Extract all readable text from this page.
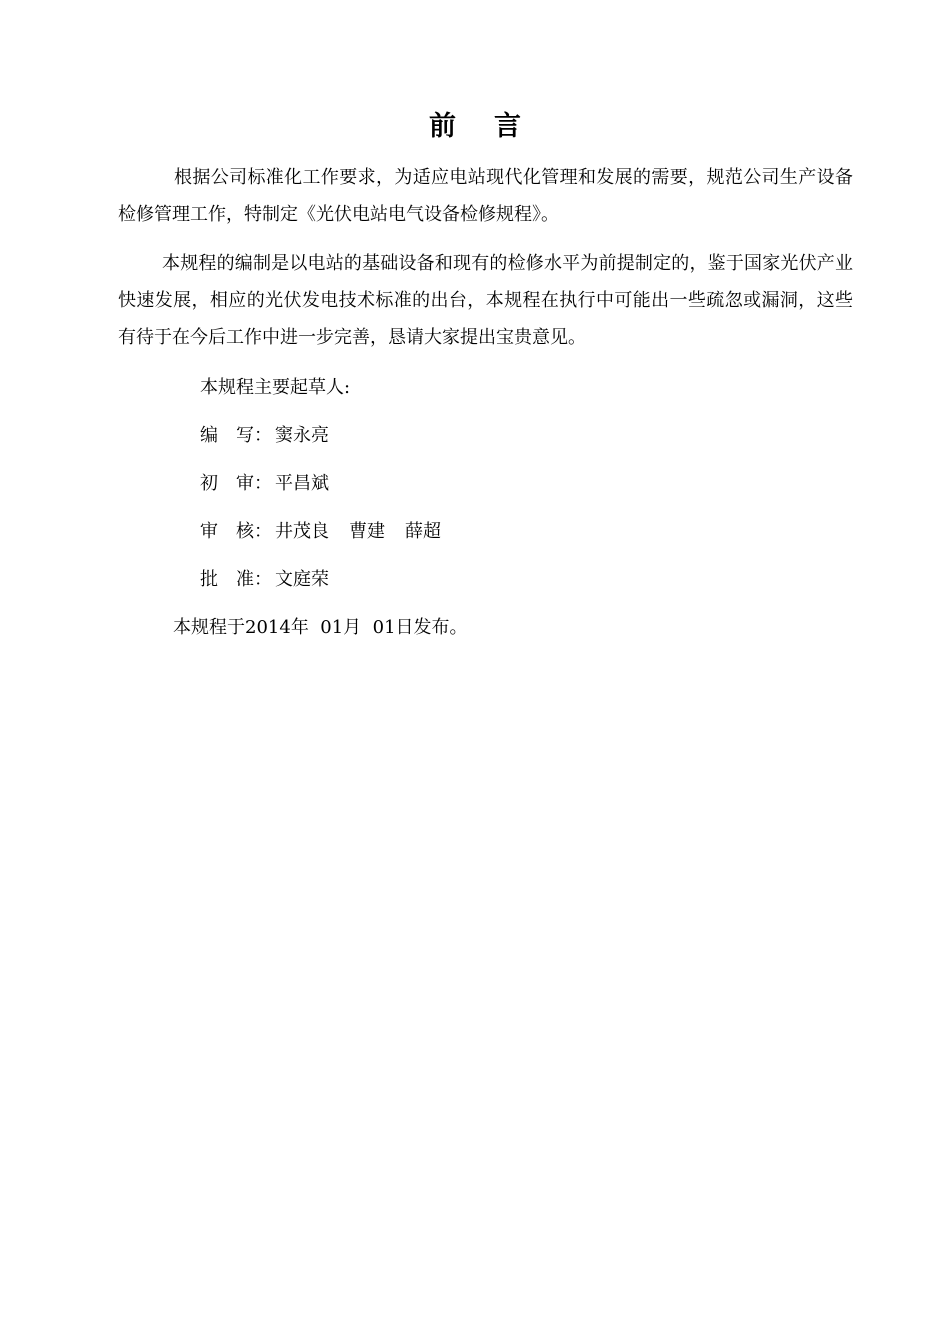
前 言
根据公司标准化工作要求，为适应电站现代化管理和发展的需要，规范公司生产设备检修管理工作，特制定《光伏电站电气设备检修规程》。
本规程的编制是以电站的基础设备和现有的检修水平为前提制定的，鉴于国家光伏产业快速发展，相应的光伏发电技术标准的出台，本规程在执行中可能出一些疏忽或漏洞，这些有待于在今后工作中进一步完善，恳请大家提出宝贵意见。
本规程主要起草人:
编　写： 窦永亮
初　审： 平昌斌
审　核： 井茂良 曹建 薛超
批　准： 文庭荣
本规程于2014年 01月 01日发布。
